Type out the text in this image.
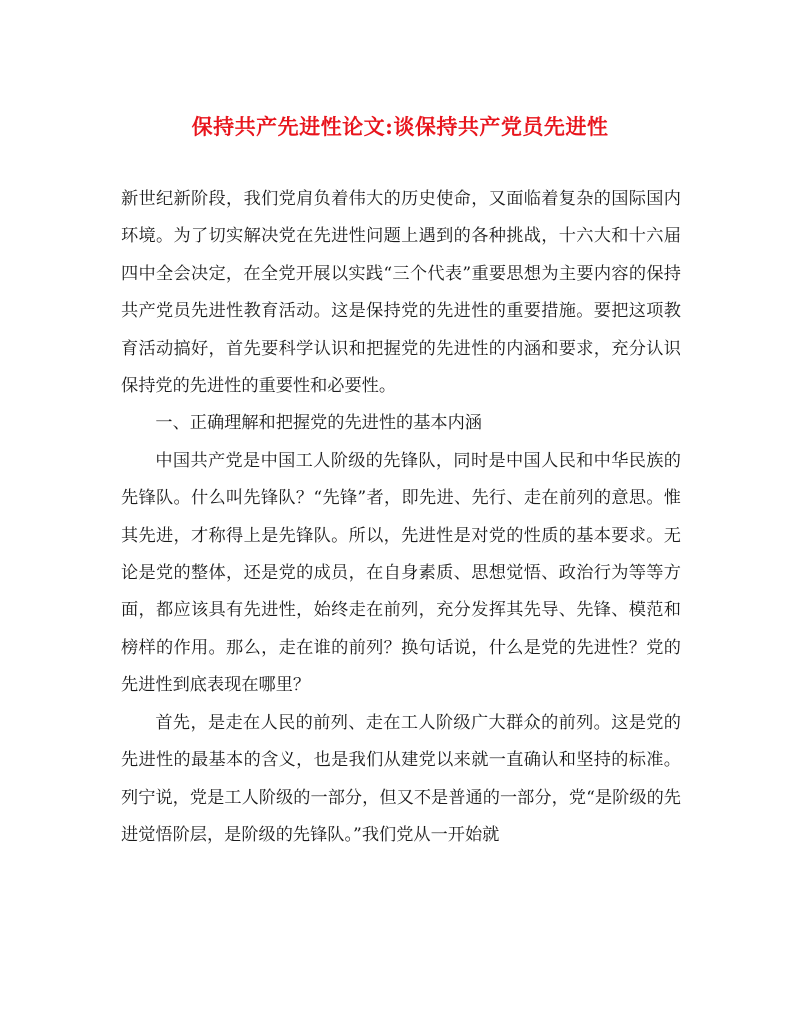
保持共产先进性论文:谈保持共产党员先进性

新世纪新阶段，我们党肩负着伟大的历史使命，又面临着复杂的国际国内环境。为了切实解决党在先进性问题上遇到的各种挑战，十六大和十六届四中全会决定，在全党开展以实践“三个代表”重要思想为主要内容的保持共产党员先进性教育活动。这是保持党的先进性的重要措施。要把这项教育活动搞好，首先要科学认识和把握党的先进性的内涵和要求，充分认识保持党的先进性的重要性和必要性。

一、正确理解和把握党的先进性的基本内涵

中国共产党是中国工人阶级的先锋队，同时是中国人民和中华民族的先锋队。什么叫先锋队？“先锋”者，即先进、先行、走在前列的意思。惟其先进，才称得上是先锋队。所以，先进性是对党的性质的基本要求。无论是党的整体，还是党的成员，在自身素质、思想觉悟、政治行为等等方面，都应该具有先进性，始终走在前列，充分发挥其先导、先锋、模范和榜样的作用。那么，走在谁的前列？换句话说，什么是党的先进性？党的先进性到底表现在哪里？

首先，是走在人民的前列、走在工人阶级广大群众的前列。这是党的先进性的最基本的含义，也是我们从建党以来就一直确认和坚持的标准。列宁说，党是工人阶级的一部分，但又不是普通的一部分，党“是阶级的先进觉悟阶层，是阶级的先锋队。”我们党从一开始就
